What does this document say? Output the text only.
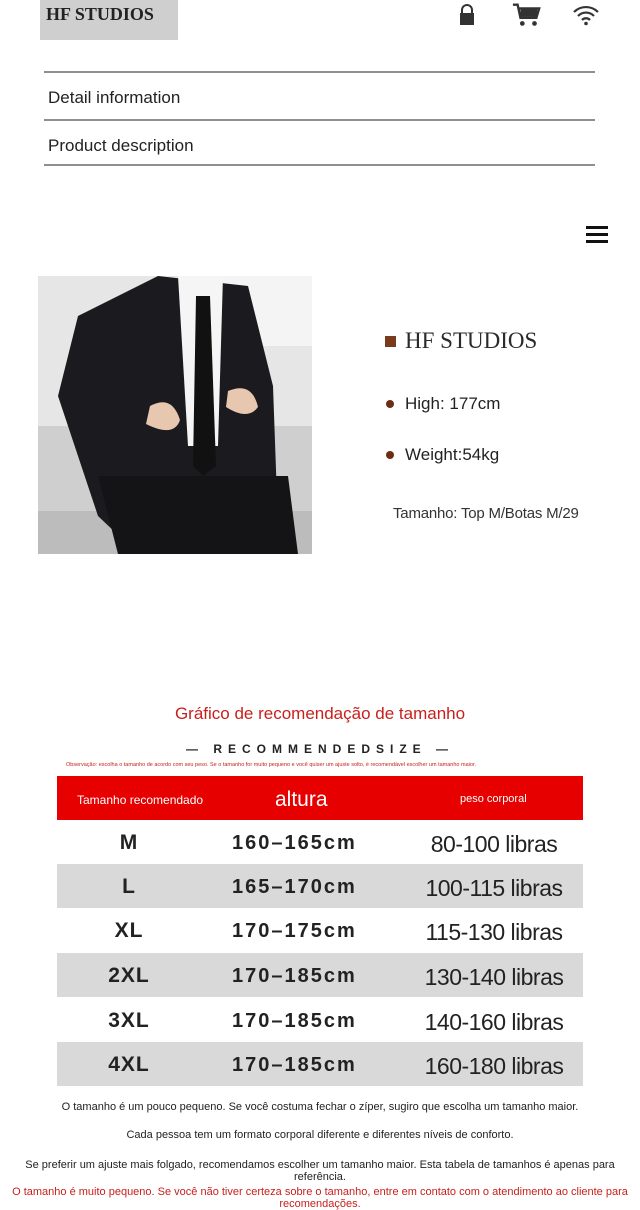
HF STUDIOS
Detail information
Product description
HF STUDIOS
High: 177cm
Weight:54kg
Tamanho: Top M/Botas M/29
Gráfico de recomendação de tamanho
— RECOMMENDEDSIZE —
Observação: escolha o tamanho de acordo com seu peso. Se o tamanho for muito pequeno e você quiser um ajuste solto, é recomendável escolher um tamanho maior.
Tamanho recomendado	altura	peso corporal
M	160–165cm	80-100 libras
L	165–170cm	100-115 libras
XL	170–175cm	115-130 libras
2XL	170–185cm	130-140 libras
3XL	170–185cm	140-160 libras
4XL	170–185cm	160-180 libras
O tamanho é um pouco pequeno. Se você costuma fechar o zíper, sugiro que escolha um tamanho maior.
Cada pessoa tem um formato corporal diferente e diferentes níveis de conforto.
Se preferir um ajuste mais folgado, recomendamos escolher um tamanho maior. Esta tabela de tamanhos é apenas para referência.
O tamanho é muito pequeno. Se você não tiver certeza sobre o tamanho, entre em contato com o atendimento ao cliente para recomendações.
